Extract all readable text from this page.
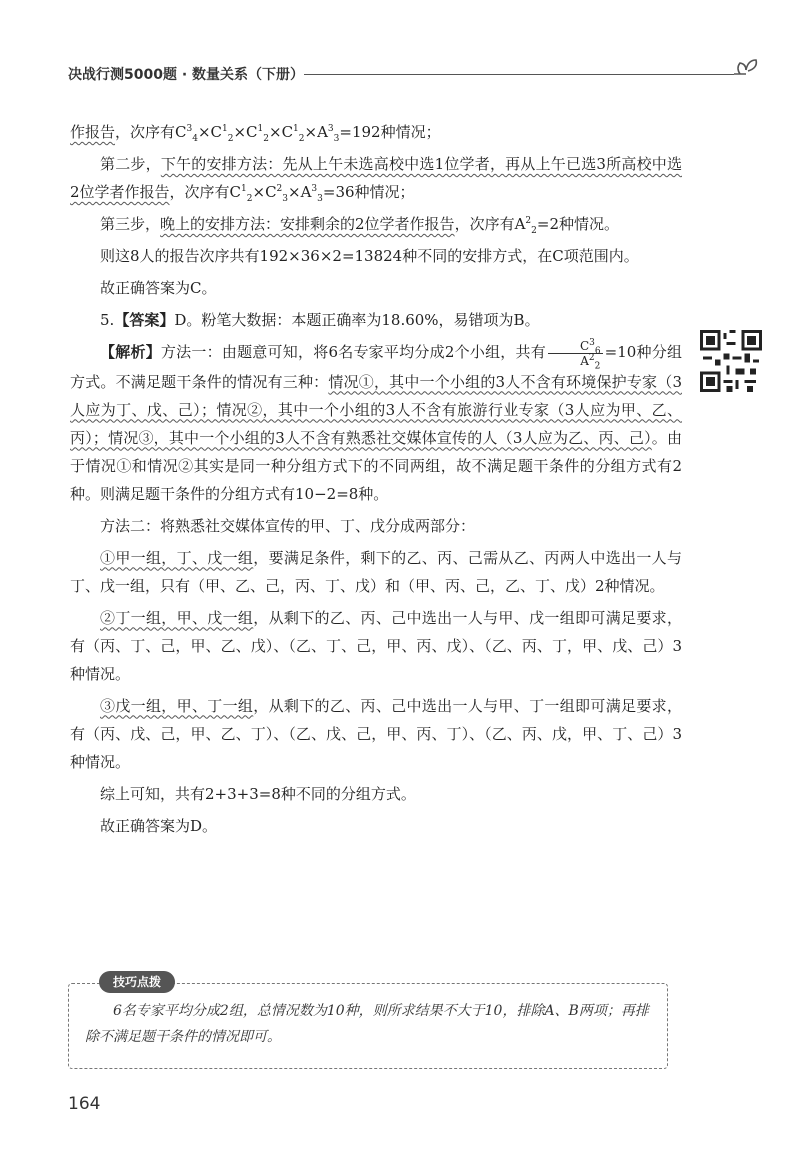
决战行测5000题 · 数量关系（下册）

作报告，次序有$C^3_4\times C^1_2\times C^1_2\times C^1_2\times A^3_3=192$种情况；

第二步，下午的安排方法：先从上午未选高校中选1位学者，再从上午已选3所高校中选2位学者作报告，次序有$C^1_2\times C^2_3\times A^3_3=36$种情况；

第三步，晚上的安排方法：安排剩余的2位学者作报告，次序有$A^2_2=2$种情况。

则这8人的报告次序共有192×36×2=13824种不同的安排方式，在C项范围内。

故正确答案为C。

5.【答案】D。粉笔大数据：本题正确率为18.60%，易错项为B。

【解析】方法一：由题意可知，将6名专家平均分成2个小组，共有 $\frac{C^3_6}{A^2_2} =10$种分组方式。不满足题干条件的情况有三种：情况①，其中一个小组的3人不含有环境保护专家（3人应为丁、戊、己）；情况②，其中一个小组的3人不含有旅游行业专家（3人应为甲、乙、丙）；情况③，其中一个小组的3人不含有熟悉社交媒体宣传的人（3人应为乙、丙、己）。由于情况①和情况②其实是同一种分组方式下的不同两组，故不满足题干条件的分组方式有2种。则满足题干条件的分组方式有10−2=8种。

方法二：将熟悉社交媒体宣传的甲、丁、戊分成两部分：

①甲一组，丁、戊一组，要满足条件，剩下的乙、丙、己需从乙、丙两人中选出一人与丁、戊一组，只有（甲、乙、己，丙、丁、戊）和（甲、丙、己，乙、丁、戊）2种情况。

②丁一组，甲、戊一组，从剩下的乙、丙、己中选出一人与甲、戊一组即可满足要求，有（丙、丁、己，甲、乙、戊）、（乙、丁、己，甲、丙、戊）、（乙、丙、丁，甲、戊、己）3种情况。

③戊一组，甲、丁一组，从剩下的乙、丙、己中选出一人与甲、丁一组即可满足要求，有（丙、戊、己，甲、乙、丁）、（乙、戊、己，甲、丙、丁）、（乙、丙、戊，甲、丁、己）3种情况。

综上可知，共有2+3+3=8种不同的分组方式。

故正确答案为D。

技巧点拨
6名专家平均分成2组，总情况数为10种，则所求结果不大于10，排除A、B两项；再排除不满足题干条件的情况即可。
164
